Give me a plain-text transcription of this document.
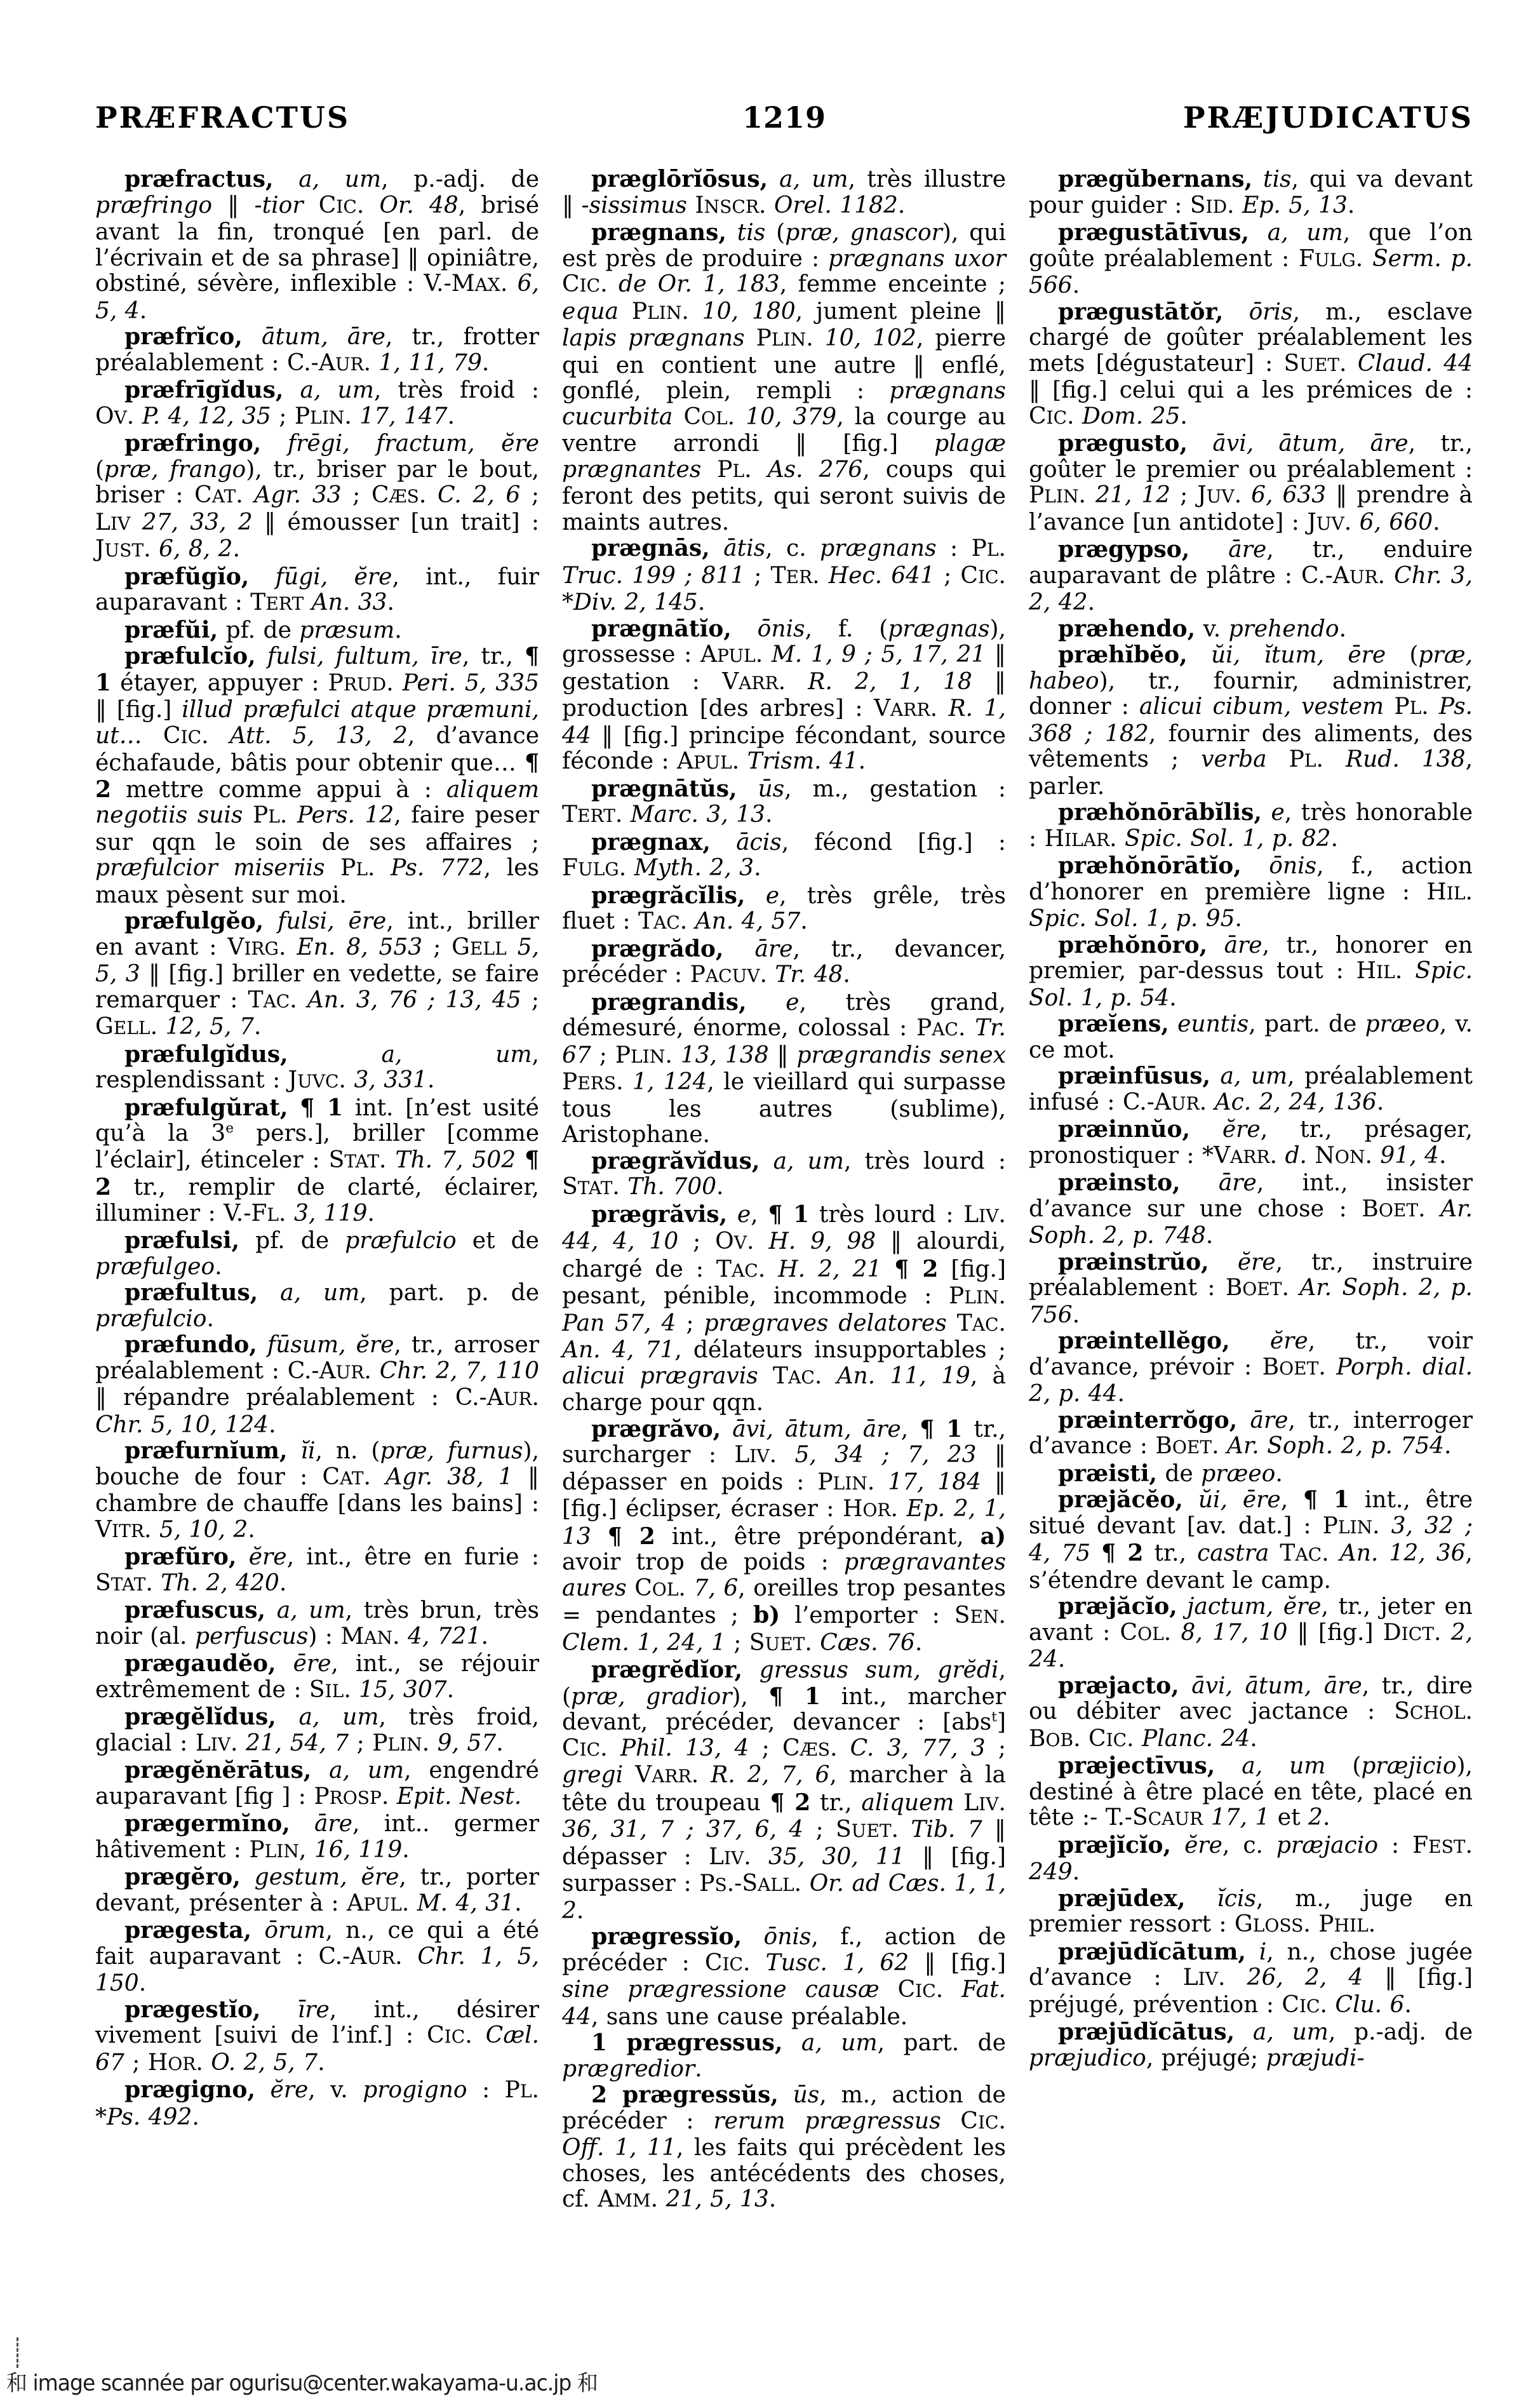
PRÆFRACTUS	1219	PRÆJUDICATUS

præfractus, a, um, p.-adj. de præfringo ‖ -tior CIC. Or. 48, brisé avant la fin, tronqué [en parl. de l’écrivain et de sa phrase] ‖ opiniâtre, obstiné, sévère, inflexible : V.-MAX. 6, 5, 4.

præfrĭco, ātum, āre, tr., frotter préalablement : C.-AUR. 1, 11, 79.

præfrīgĭdus, a, um, très froid : OV. P. 4, 12, 35 ; PLIN. 17, 147.

præfringo, frēgi, fractum, ĕre (præ, frango), tr., briser par le bout, briser : CAT. Agr. 33 ; CÆS. C. 2, 6 ; LIV 27, 33, 2 ‖ émousser [un trait] : JUST. 6, 8, 2.

præfŭgĭo, fūgi, ĕre, int., fuir auparavant : TERT An. 33.

præfŭi, pf. de præsum.

præfulcĭo, fulsi, fultum, īre, tr., ¶ 1 étayer, appuyer : PRUD. Peri. 5, 335 ‖ [fig.] illud præfulci atque præmuni, ut… CIC. Att. 5, 13, 2, d’avance échafaude, bâtis pour obtenir que… ¶ 2 mettre comme appui à : aliquem negotiis suis PL. Pers. 12, faire peser sur qqn le soin de ses affaires ; præfulcior miseriis PL. Ps. 772, les maux pèsent sur moi.

præfulgĕo, fulsi, ēre, int., briller en avant : VIRG. En. 8, 553 ; GELL 5, 5, 3 ‖ [fig.] briller en vedette, se faire remarquer : TAC. An. 3, 76 ; 13, 45 ; GELL. 12, 5, 7.

præfulgĭdus,	a, um, resplendissant : JUVC. 3, 331.

præfulgŭrat, ¶ 1 int. [n’est usité qu’à la 3e pers.], briller [comme l’éclair], étinceler : STAT. Th. 7, 502 ¶ 2 tr., remplir de clarté, éclairer, illuminer : V.-FL. 3, 119.

præfulsi, pf. de præfulcio et de præfulgeo.

præfultus, a, um, part. p. de præfulcio.

præfundo, fūsum, ĕre, tr., arroser préalablement : C.-AUR. Chr. 2, 7, 110 ‖ répandre préalablement : C.-AUR. Chr. 5, 10, 124.

præfurnĭum, ĭi, n. (præ, furnus), bouche de four : CAT. Agr. 38, 1 ‖ chambre de chauffe [dans les bains] : VITR. 5, 10, 2.

præfŭro, ĕre, int., être en furie : STAT. Th. 2, 420.

præfuscus, a, um, très brun, très noir (al. perfuscus) : MAN. 4, 721.

prægaudĕo, ēre, int., se réjouir extrêmement de : SIL. 15, 307.

prægĕlĭdus, a, um, très froid, glacial : LIV. 21, 54, 7 ; PLIN. 9, 57.

prægĕnĕrātus, a, um, engendré auparavant [fig ] : PROSP. Epit. Nest.

prægermĭno, āre, int.. germer hâtivement : PLIN, 16, 119.

prægĕro, gestum, ĕre, tr., porter devant, présenter à : APUL. M. 4, 31.

prægesta, ōrum, n., ce qui a été fait auparavant : C.-AUR. Chr. 1, 5, 150.

prægestĭo, īre, int., désirer vivement [suivi de l’inf.] : CIC. Cæl. 67 ; HOR. O. 2, 5, 7.

prægigno, ĕre, v. progigno : PL. *Ps. 492.

præglōrĭōsus, a, um, très illustre ‖ -sissimus INSCR. Orel. 1182.

prægnans, tis (præ, gnascor), qui est près de produire : prægnans uxor CIC. de Or. 1, 183, femme enceinte ; equa PLIN. 10, 180, jument pleine ‖ lapis prægnans PLIN. 10, 102, pierre qui en contient une autre ‖ enflé, gonflé, plein, rempli : prægnans cucurbita COL. 10, 379, la courge au ventre arrondi ‖ [fig.] plagæ prægnantes PL. As. 276, coups qui feront des petits, qui seront suivis de maints autres.

prægnās, ātis, c. prægnans : PL. Truc. 199 ; 811 ; TER. Hec. 641 ; CIC. *Div. 2, 145.

prægnātĭo, ōnis, f. (prægnas), grossesse : APUL. M. 1, 9 ; 5, 17, 21 ‖ gestation : VARR. R. 2, 1, 18 ‖ production [des arbres] : VARR. R. 1, 44 ‖ [fig.] principe fécondant, source féconde : APUL. Trism. 41.

prægnātŭs, ūs, m., gestation : TERT. Marc. 3, 13.

prægnax, ācis, fécond [fig.] : FULG. Myth. 2, 3.

prægrăcĭlis, e, très grêle, très fluet : TAC. An. 4, 57.

prægrădo, āre, tr., devancer, précéder : PACUV. Tr. 48.

prægrandis, e, très grand, démesuré, énorme, colossal : PAC. Tr. 67 ; PLIN. 13, 138 ‖ prægrandis senex PERS. 1, 124, le vieillard qui surpasse tous les autres (sublime), Aristophane.

prægrăvĭdus, a, um, très lourd : STAT. Th. 700.

prægrăvis, e, ¶ 1 très lourd : LIV. 44, 4, 10 ; OV. H. 9, 98 ‖ alourdi, chargé de : TAC. H. 2, 21 ¶ 2 [fig.] pesant, pénible, incommode : PLIN. Pan 57, 4 ; prægraves delatores TAC. An. 4, 71, délateurs insupportables ; alicui prægravis TAC. An. 11, 19, à charge pour qqn.

prægrăvo, āvi, ātum, āre, ¶ 1 tr., surcharger : LIV. 5, 34 ; 7, 23 ‖ dépasser en poids : PLIN. 17, 184 ‖ [fig.] éclipser, écraser : HOR. Ep. 2, 1, 13 ¶ 2 int., être prépondérant, a) avoir trop de poids : prægravantes aures COL. 7, 6, oreilles trop pesantes = pendantes ; b) l’emporter : SEN. Clem. 1, 24, 1 ; SUET. Cæs. 76.

prægrĕdĭor, gressus sum, grĕdi, (præ, gradior), ¶ 1 int., marcher devant, précéder, devancer : [abs$^t$] CIC. Phil. 13, 4 ; CÆS. C. 3, 77, 3 ; gregi VARR. R. 2, 7, 6, marcher à la tête du troupeau ¶ 2 tr., aliquem LIV. 36, 31, 7 ; 37, 6, 4 ; SUET. Tib. 7 ‖ dépasser : LIV. 35, 30, 11 ‖ [fig.] surpasser : PS.-SALL. Or. ad Cæs. 1, 1, 2.

prægressĭo, ōnis, f., action de précéder : CIC. Tusc. 1, 62 ‖ [fig.] sine prægressione causæ CIC. Fat. 44, sans une cause préalable.

1 prægressus, a, um, part. de prægredior.

2 prægressŭs, ūs, m., action de précéder : rerum prægressus CIC. Off. 1, 11, les faits qui précèdent les choses, les antécédents des choses, cf. AMM. 21, 5, 13.

prægŭbernans, tis, qui va devant pour guider : SID. Ep. 5, 13.

prægustātīvus, a, um, que l’on goûte préalablement : FULG. Serm. p. 566.

prægustātŏr, ōris, m., esclave chargé de goûter préalablement les mets [dégustateur] : SUET. Claud. 44 ‖ [fig.] celui qui a les prémices de : CIC. Dom. 25.

prægusto, āvi, ātum, āre, tr., goûter le premier ou préalablement : PLIN. 21, 12 ; JUV. 6, 633 ‖ prendre à l’avance [un antidote] : JUV. 6, 660.

prægypso, āre, tr., enduire auparavant de plâtre : C.-AUR. Chr. 3, 2, 42.

præhendo, v. prehendo.

præhĭbĕo, ŭi, ĭtum, ēre (præ, habeo), tr., fournir, administrer, donner : alicui cibum, vestem PL. Ps. 368 ; 182, fournir des aliments, des vêtements ; verba PL. Rud. 138, parler.

præhŏnōrābĭlis, e, très honorable : HILAR. Spic. Sol. 1, p. 82.

præhŏnōrātĭo, ōnis, f., action d’honorer en première ligne : HIL. Spic. Sol. 1, p. 95.

præhŏnōro, āre, tr., honorer en premier, par-dessus tout : HIL. Spic. Sol. 1, p. 54.

præĭens, euntis, part. de præeo, v. ce mot.

præinfūsus, a, um, préalablement infusé : C.-AUR. Ac. 2, 24, 136.

præinnŭo, ĕre, tr., présager, pronostiquer : *VARR. d. NON. 91, 4.

præinsto, āre, int., insister d’avance sur une chose : BOET. Ar. Soph. 2, p. 748.

præinstrŭo, ĕre, tr., instruire préalablement : BOET. Ar. Soph. 2, p. 756.

præintellĕgo, ĕre, tr., voir d’avance, prévoir : BOET. Porph. dial. 2, p. 44.

præinterrŏgo, āre, tr., interroger d’avance : BOET. Ar. Soph. 2, p. 754.

præisti, de præeo.

præjăcĕo, ŭi, ēre, ¶ 1 int., être situé devant [av. dat.] : PLIN. 3, 32 ; 4, 75 ¶ 2 tr., castra TAC. An. 12, 36, s’étendre devant le camp.

præjăcĭo, jactum, ĕre, tr., jeter en avant : COL. 8, 17, 10 ‖ [fig.] DICT. 2, 24.

præjacto, āvi, ātum, āre, tr., dire ou débiter avec jactance : SCHOL. BOB. CIC. Planc. 24.

præjectīvus, a, um (præjicio), destiné à être placé en tête, placé en tête :- T.-SCAUR 17, 1 et 2.

præjĭcĭo, ĕre, c. præjacio : FEST. 249.

præjūdex, ĭcis, m., juge en premier ressort : GLOSS. PHIL.

præjūdĭcātum, i, n., chose jugée d’avance : LIV. 26, 2, 4 ‖ [fig.] préjugé, prévention : CIC. Clu. 6.

præjūdĭcātus, a, um, p.-adj. de præjudico, préjugé; præjudi-

和 image scannée par ogurisu@center.wakayama-u.ac.jp 和
